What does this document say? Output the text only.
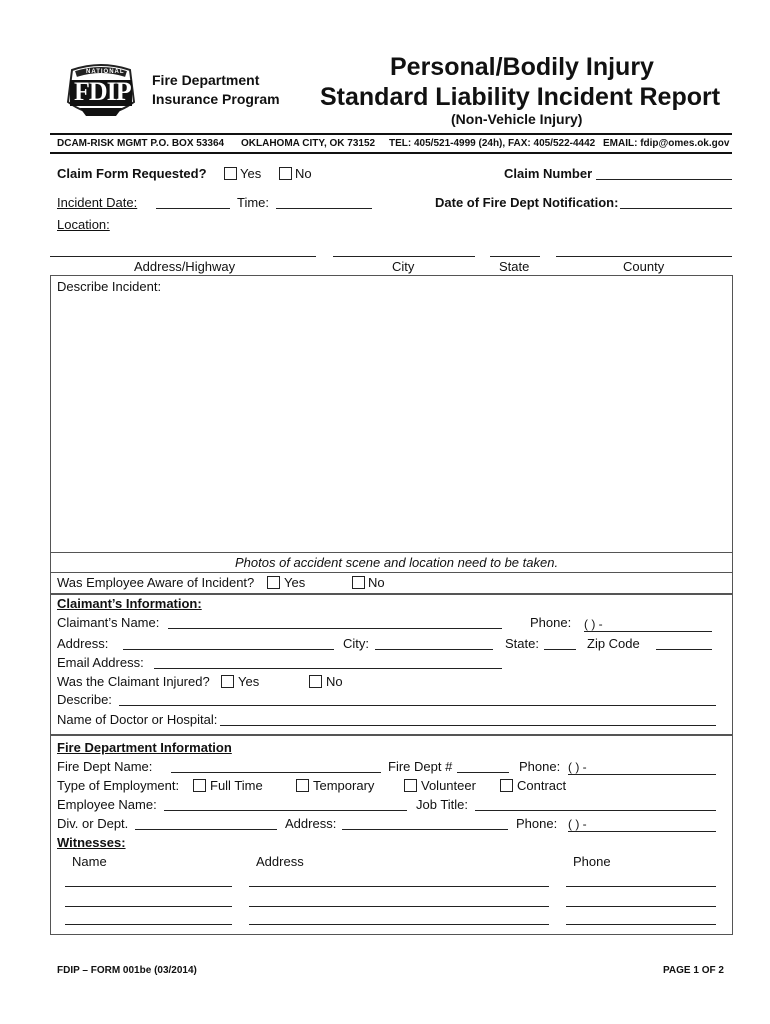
NATIONAL
FDIP Fire Department
Insurance Program
Personal/Bodily Injury
Standard Liability Incident Report
(Non-Vehicle Injury)
DCAM-RISK MGMT P.O. BOX 53364 OKLAHOMA CITY, OK 73152 TEL: 405/521-4999 (24h), FAX: 405/522-4442 EMAIL: fdip@omes.ok.gov
Claim Form Requested?	Yes	No	Claim Number
Incident Date:	Time:	Date of Fire Dept Notification:
Location:
Address/Highway	City	State	County
Describe Incident:
Photos of accident scene and location need to be taken.
Was Employee Aware of Incident? Yes	No
Claimant’s Information:
Claimant’s Name:	Phone: ( ) -
Address:	City:	State:	Zip Code
Email Address:
Was the Claimant Injured? Yes	No
Describe:
Name of Doctor or Hospital:
Fire Department Information
Fire Dept Name:	Fire Dept #	Phone: ( ) -
Type of Employment: Full Time	Temporary	Volunteer	Contract
Employee Name:	Job Title:
Div. or Dept.	Address:	Phone: ( ) -
Witnesses:
Name	Address	Phone
FDIP – FORM 001be (03/2014)	PAGE 1 OF 2
